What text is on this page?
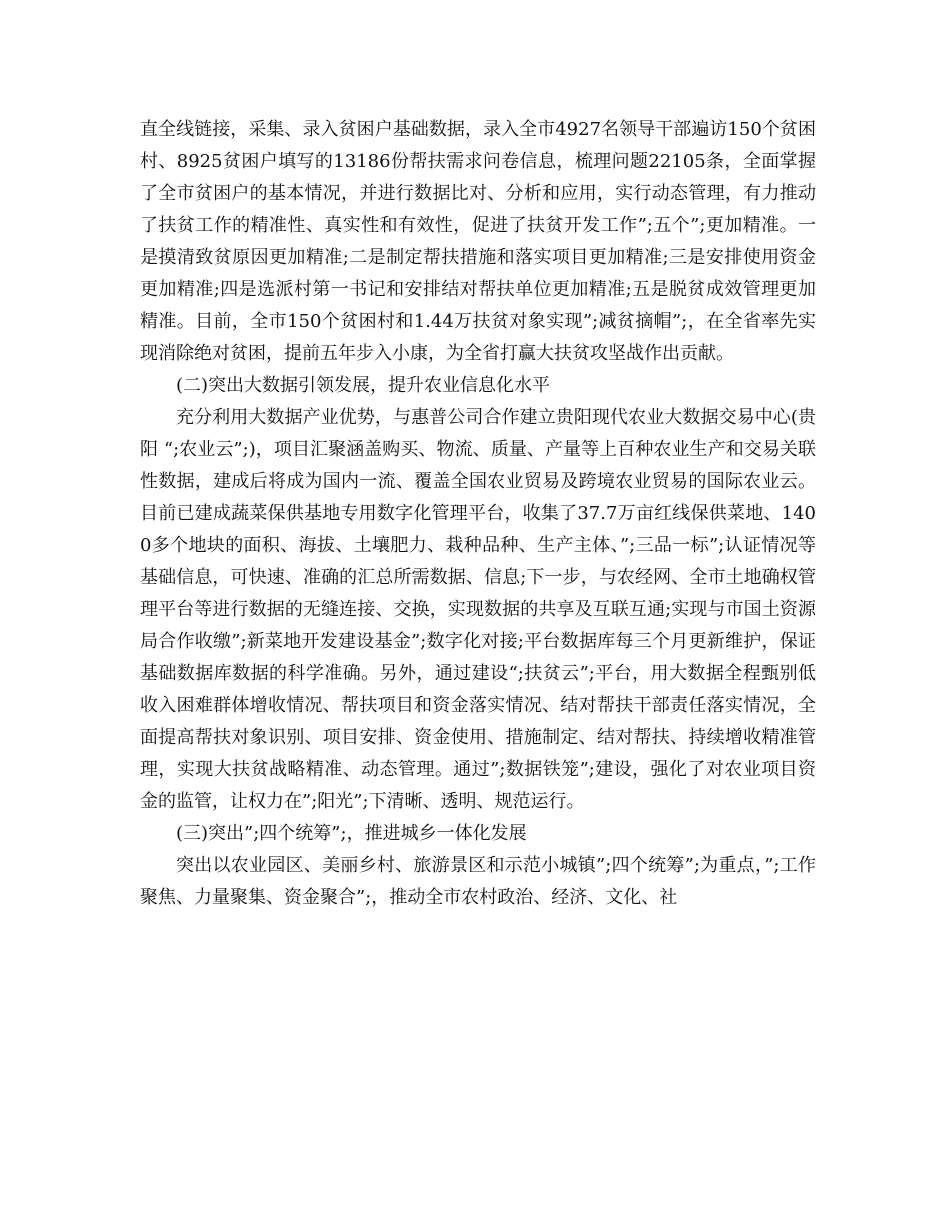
直全线链接，采集、录入贫困户基础数据，录入全市4927名领导干部遍访150个贫困村、8925贫困户填写的13186份帮扶需求问卷信息，梳理问题22105条，全面掌握了全市贫困户的基本情况，并进行数据比对、分析和应用，实行动态管理，有力推动了扶贫工作的精准性、真实性和有效性，促进了扶贫开发工作”;五个”;更加精准。一是摸清致贫原因更加精准;二是制定帮扶措施和落实项目更加精准;三是安排使用资金更加精准;四是选派村第一书记和安排结对帮扶单位更加精准;五是脱贫成效管理更加精准。目前，全市150个贫困村和1.44万扶贫对象实现”;减贫摘帽”;，在全省率先实现消除绝对贫困，提前五年步入小康，为全省打赢大扶贫攻坚战作出贡献。

(二)突出大数据引领发展，提升农业信息化水平

充分利用大数据产业优势，与惠普公司合作建立贵阳现代农业大数据交易中心(贵阳 “;农业云”;)，项目汇聚涵盖购买、物流、质量、产量等上百种农业生产和交易关联性数据，建成后将成为国内一流、覆盖全国农业贸易及跨境农业贸易的国际农业云。目前已建成蔬菜保供基地专用数字化管理平台，收集了37.7万亩红线保供菜地、1400多个地块的面积、海拔、土壤肥力、栽种品种、生产主体、”;三品一标”;认证情况等基础信息，可快速、准确的汇总所需数据、信息;下一步，与农经网、全市土地确权管理平台等进行数据的无缝连接、交换，实现数据的共享及互联互通;实现与市国土资源局合作收缴”;新菜地开发建设基金”;数字化对接;平台数据库每三个月更新维护，保证基础数据库数据的科学准确。另外，通过建设“;扶贫云”;平台，用大数据全程甄别低收入困难群体增收情况、帮扶项目和资金落实情况、结对帮扶干部责任落实情况，全面提高帮扶对象识别、项目安排、资金使用、措施制定、结对帮扶、持续增收精准管理，实现大扶贫战略精准、动态管理。通过”;数据铁笼”;建设，强化了对农业项目资金的监管，让权力在”;阳光”;下清晰、透明、规范运行。

(三)突出”;四个统筹”;，推进城乡一体化发展

突出以农业园区、美丽乡村、旅游景区和示范小城镇”;四个统筹”;为重点，”;工作聚焦、力量聚集、资金聚合”;，推动全市农村政治、经济、文化、社
